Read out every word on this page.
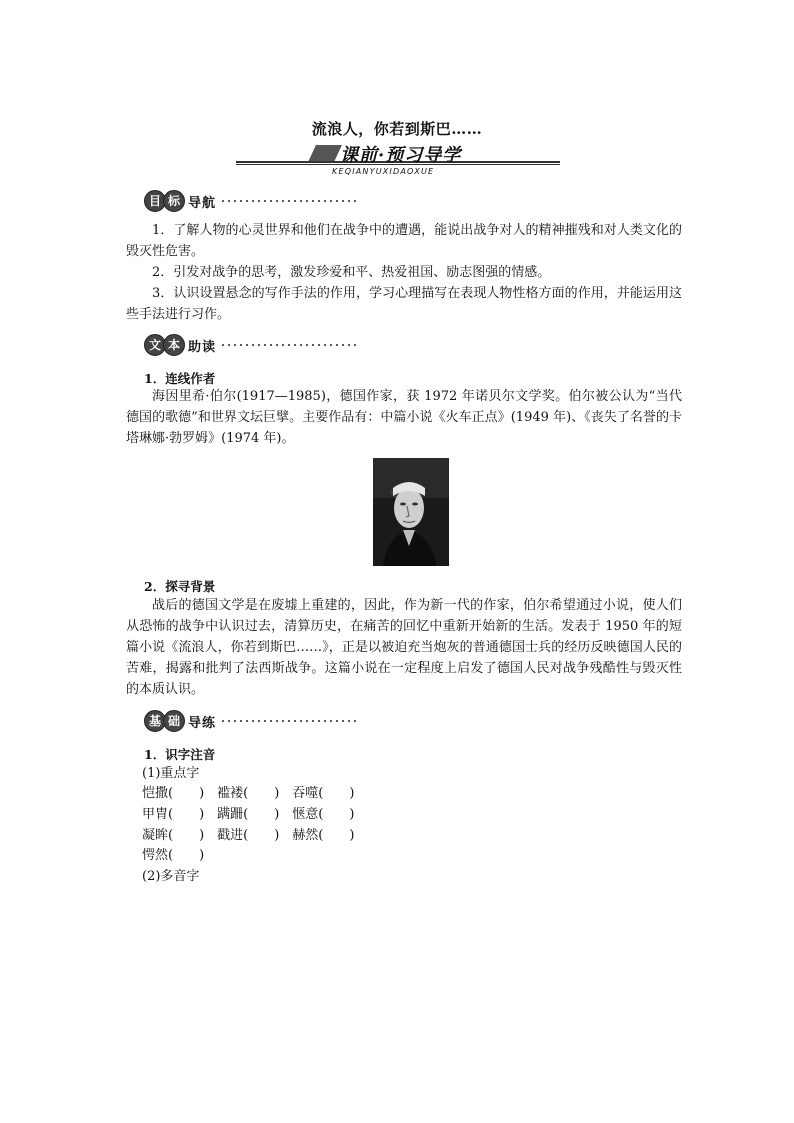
流浪人，你若到斯巴……
课前·预习导学
KEQIANYUXIDAOXUE
目 标 导航
1．了解人物的心灵世界和他们在战争中的遭遇，能说出战争对人的精神摧残和对人类文化的毁灭性危害。
2．引发对战争的思考，激发珍爱和平、热爱祖国、励志图强的情感。
3．认识设置悬念的写作手法的作用，学习心理描写在表现人物性格方面的作用，并能运用这些手法进行习作。
文 本 助读
1．连线作者
海因里希·伯尔(1917—1985)，德国作家，获 1972 年诺贝尔文学奖。伯尔被公认为“当代德国的歌德”和世界文坛巨擘。主要作品有：中篇小说《火车正点》(1949 年)、《丧失了名誉的卡塔琳娜·勃罗姆》(1974 年)。
2．探寻背景
战后的德国文学是在废墟上重建的，因此，作为新一代的作家，伯尔希望通过小说，使人们从恐怖的战争中认识过去，清算历史，在痛苦的回忆中重新开始新的生活。发表于 1950 年的短篇小说《流浪人，你若到斯巴……》，正是以被迫充当炮灰的普通德国士兵的经历反映德国人民的苦难，揭露和批判了法西斯战争。这篇小说在一定程度上启发了德国人民对战争残酷性与毁灭性的本质认识。
基 础 导练
1．识字注音
(1)重点字
恺撒(　　)　褴褛(　　)　吞噬(　　)
甲胄(　　)　蹒跚(　　)　惬意(　　)
凝眸(　　)　戳进(　　)　赫然(　　)
愕然(　　)
(2)多音字
